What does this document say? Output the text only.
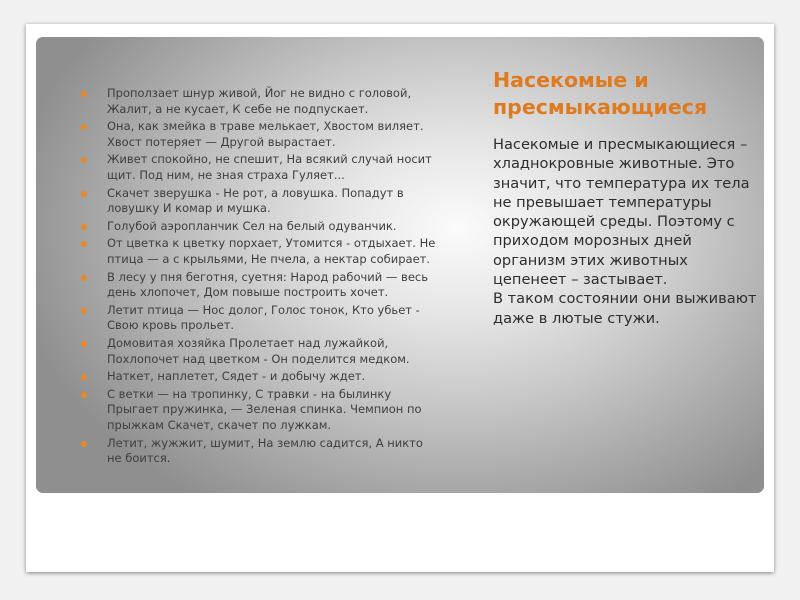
Проползает шнур живой, Йог не видно с головой, Жалит, а не кусает, К себе не подпускает.
Она, как змейка в траве мелькает, Хвостом виляет. Хвост потеряет — Другой вырастает.
Живет спокойно, не спешит, На всякий случай носит щит. Под ним, не зная страха Гуляет...
Скачет зверушка - Не рот, а ловушка. Попадут в ловушку И комар и мушка.
Голубой аэропланчик Сел на белый одуванчик.
От цветка к цветку порхает, Утомится - отдыхает. Не птица — а с крыльями, Не пчела, а нектар собирает.
В лесу у пня беготня, суетня: Народ рабочий — весь день хлопочет, Дом повыше построить хочет.
Летит птица — Нос долог, Голос тонок, Кто убьет - Свою кровь прольет.
Домовитая хозяйка Пролетает над лужайкой, Похлопочет над цветком - Он поделится медком.
Наткет, наплетет, Сядет - и добычу ждет.
С ветки — на тропинку, С травки - на былинку Прыгает пружинка, — Зеленая спинка. Чемпион по прыжкам Скачет, скачет по лужкам.
Летит, жужжит, шумит, На землю садится, А никто не боится.
Насекомые и пресмыкающиеся

Насекомые и пресмыкающиеся – хладнокровные животные. Это значит, что температура их тела не превышает температуры окружающей среды. Поэтому с приходом морозных дней организм этих животных цепенеет – застывает.
В таком состоянии они выживают даже в лютые стужи.
